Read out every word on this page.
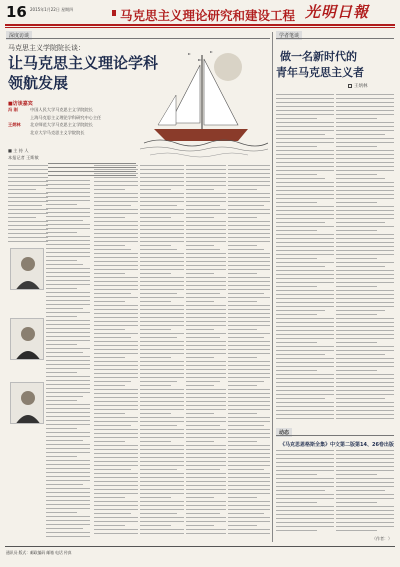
16 2015年1月22日 星期四	马克思主义理论研究和建设工程 光明日報
深度访谈	学者笔谈
马克思主义学院院长谈：
让马克思主义理论学科
领航发展
■访谈嘉宾
冯 刚	中国人民大学马克思主义学院院长
上海马克思主义理论学科研究中心主任
王炳林	北京师范大学马克思主义学院院长
北京大学马克思主义学院院长
■ 主 持 人
本报记者 王斯敏
做一名新时代的
青年马克思主义者
王炳林
动态
《马克思恩格斯全集》中文第二版第14、26卷出版
（作者：）
通讯员·版式：邮政编码 邮箱 电话 传真
